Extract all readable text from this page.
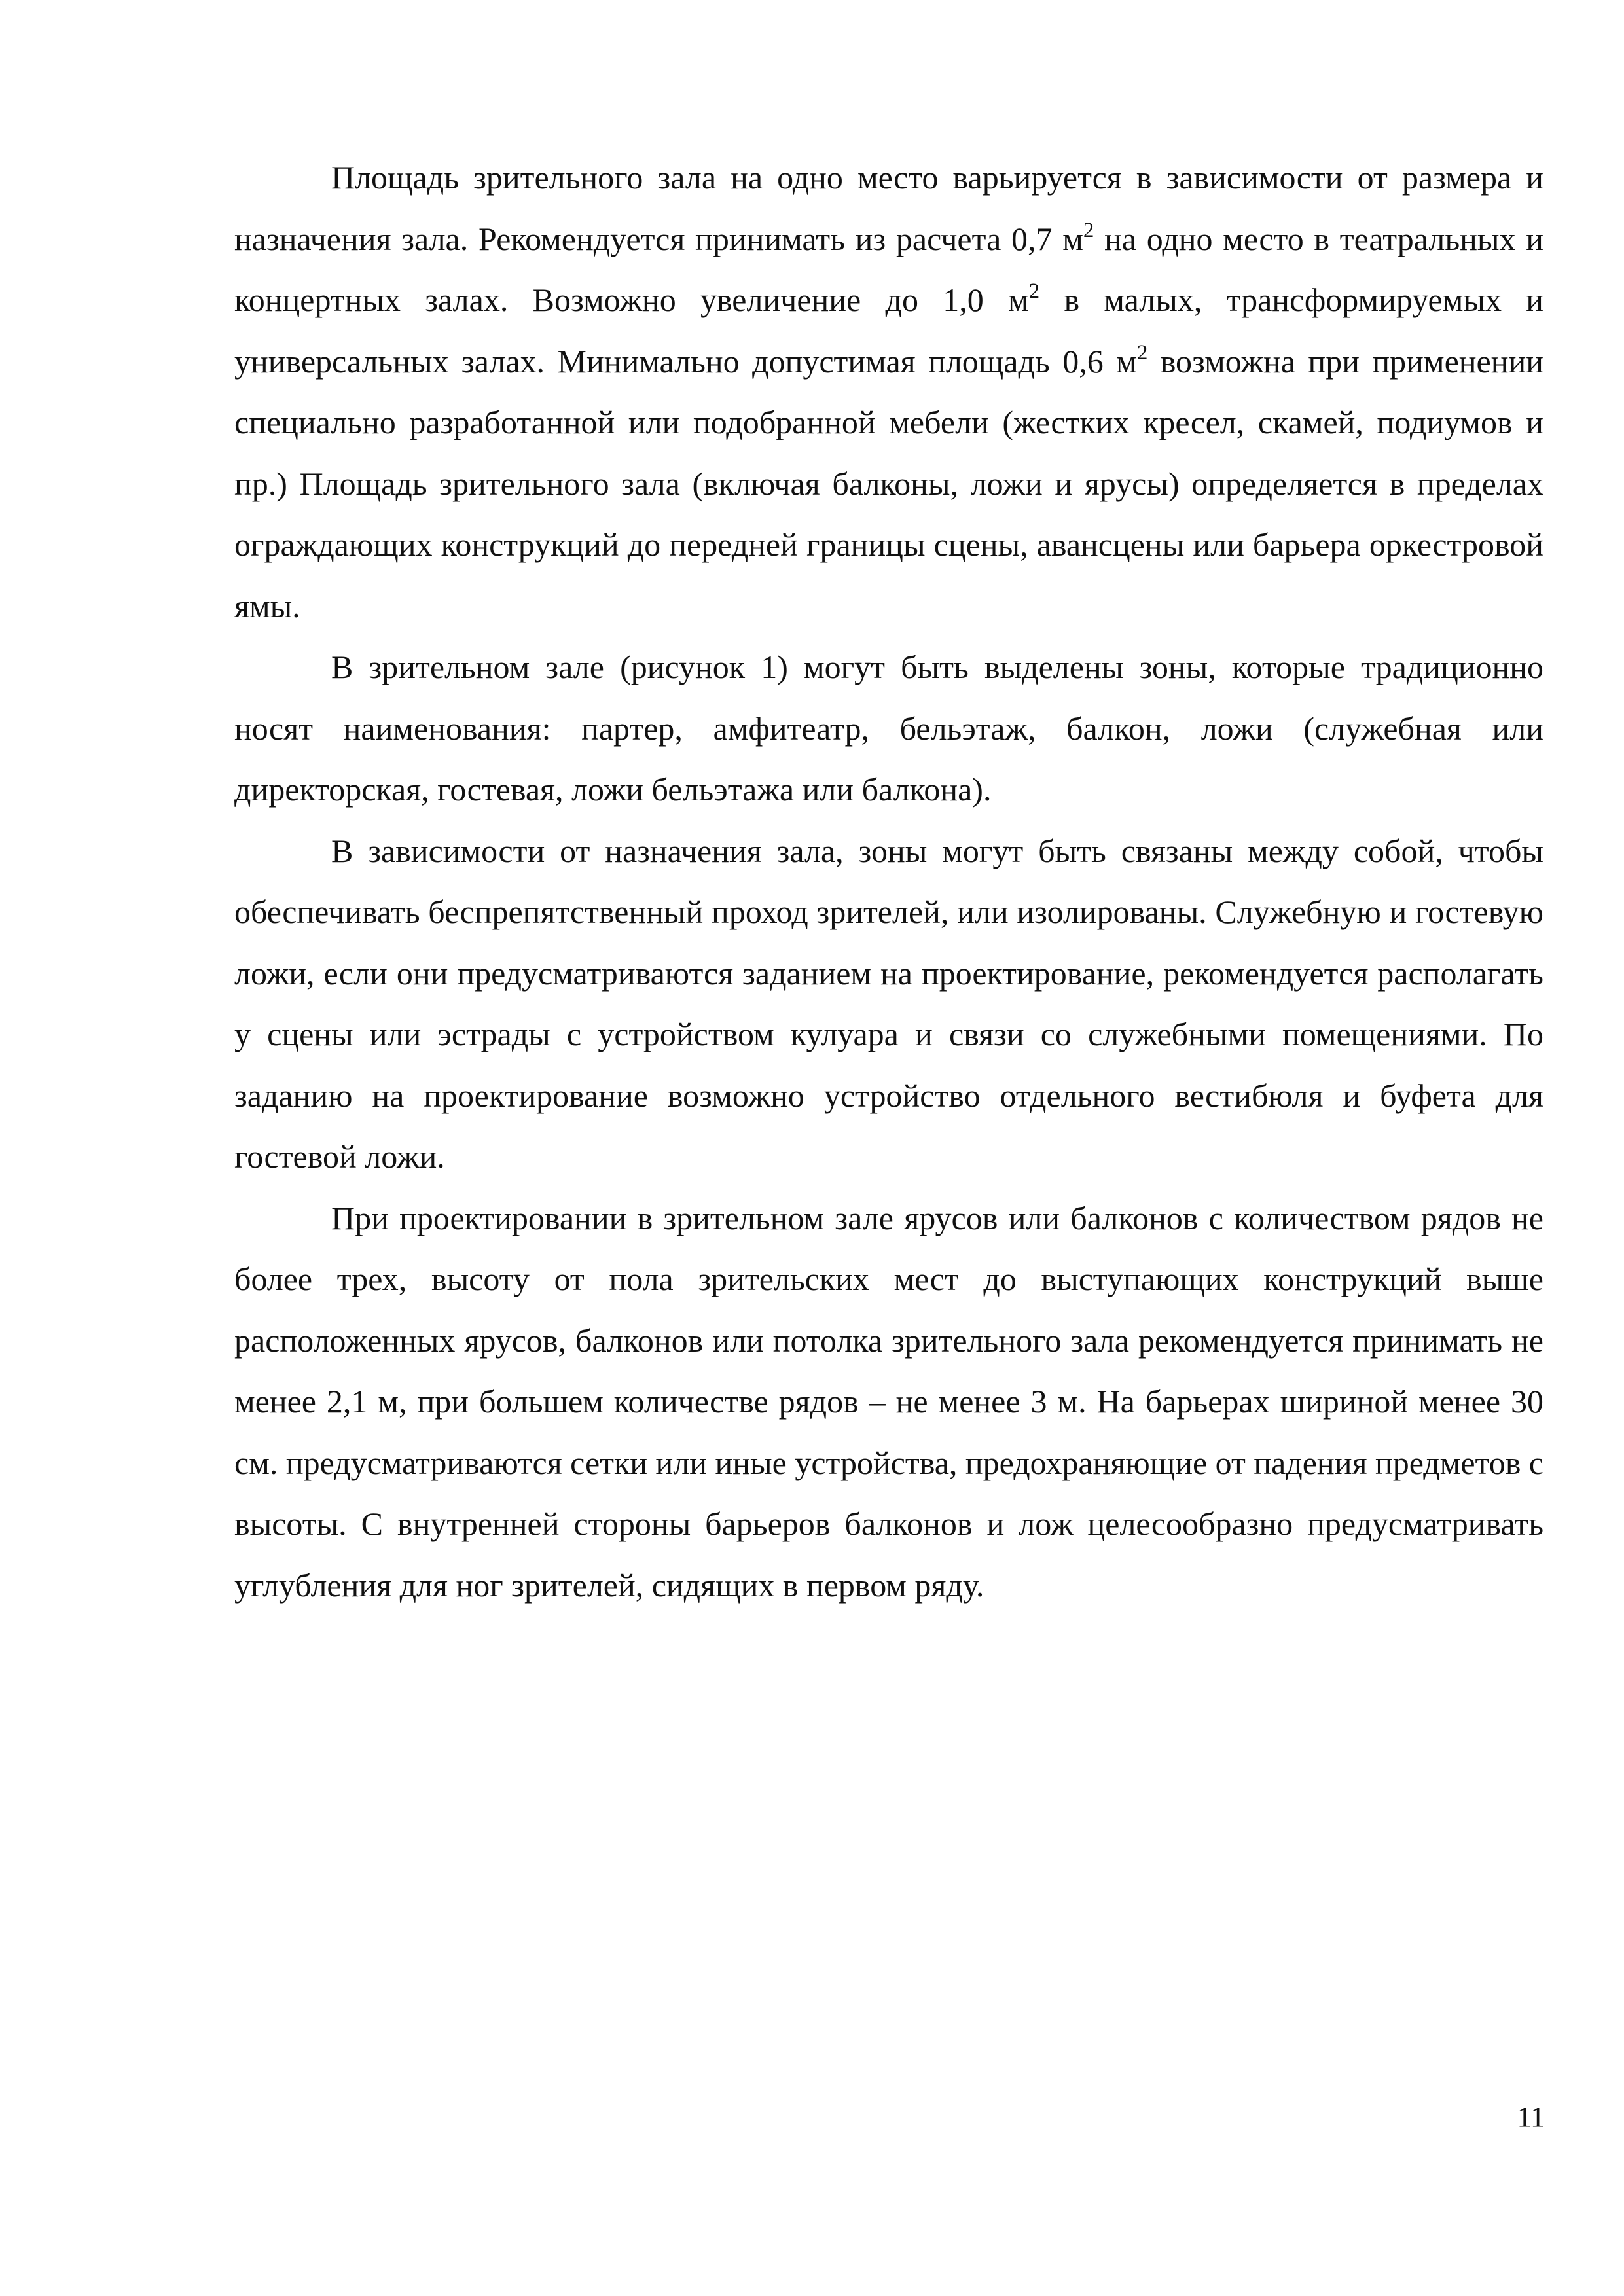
Площадь зрительного зала на одно место варьируется в зависимости от размера и назначения зала. Рекомендуется принимать из расчета 0,7 $м^2$ на одно место в театральных и концертных залах. Возможно увеличение до 1,0 $м^2$ в малых, трансформируемых и универсальных залах. Минимально допустимая площадь 0,6 $м^2$ возможна при применении специально разработанной или подобранной мебели (жестких кресел, скамей, подиумов и пр.) Площадь зрительного зала (включая балконы, ложи и ярусы) определяется в пределах ограждающих конструкций до передней границы сцены, авансцены или барьера оркестровой ямы.

В зрительном зале (рисунок 1) могут быть выделены зоны, которые традиционно носят наименования: партер, амфитеатр, бельэтаж, балкон, ложи (служебная или директорская, гостевая, ложи бельэтажа или балкона).

В зависимости от назначения зала, зоны могут быть связаны между собой, чтобы обеспечивать беспрепятственный проход зрителей, или изолированы. Служебную и гостевую ложи, если они предусматриваются заданием на проектирование, рекомендуется располагать у сцены или эстрады с устройством кулуара и связи со служебными помещениями. По заданию на проектирование возможно устройство отдельного вестибюля и буфета для гостевой ложи.

При проектировании в зрительном зале ярусов или балконов с количеством рядов не более трех, высоту от пола зрительских мест до выступающих конструкций выше расположенных ярусов, балконов или потолка зрительного зала рекомендуется принимать не менее 2,1 м, при большем количестве рядов – не менее 3 м. На барьерах шириной менее 30 см. предусматриваются сетки или иные устройства, предохраняющие от падения предметов с высоты. С внутренней стороны барьеров балконов и лож целесообразно предусматривать углубления для ног зрителей, сидящих в первом ряду.

11
